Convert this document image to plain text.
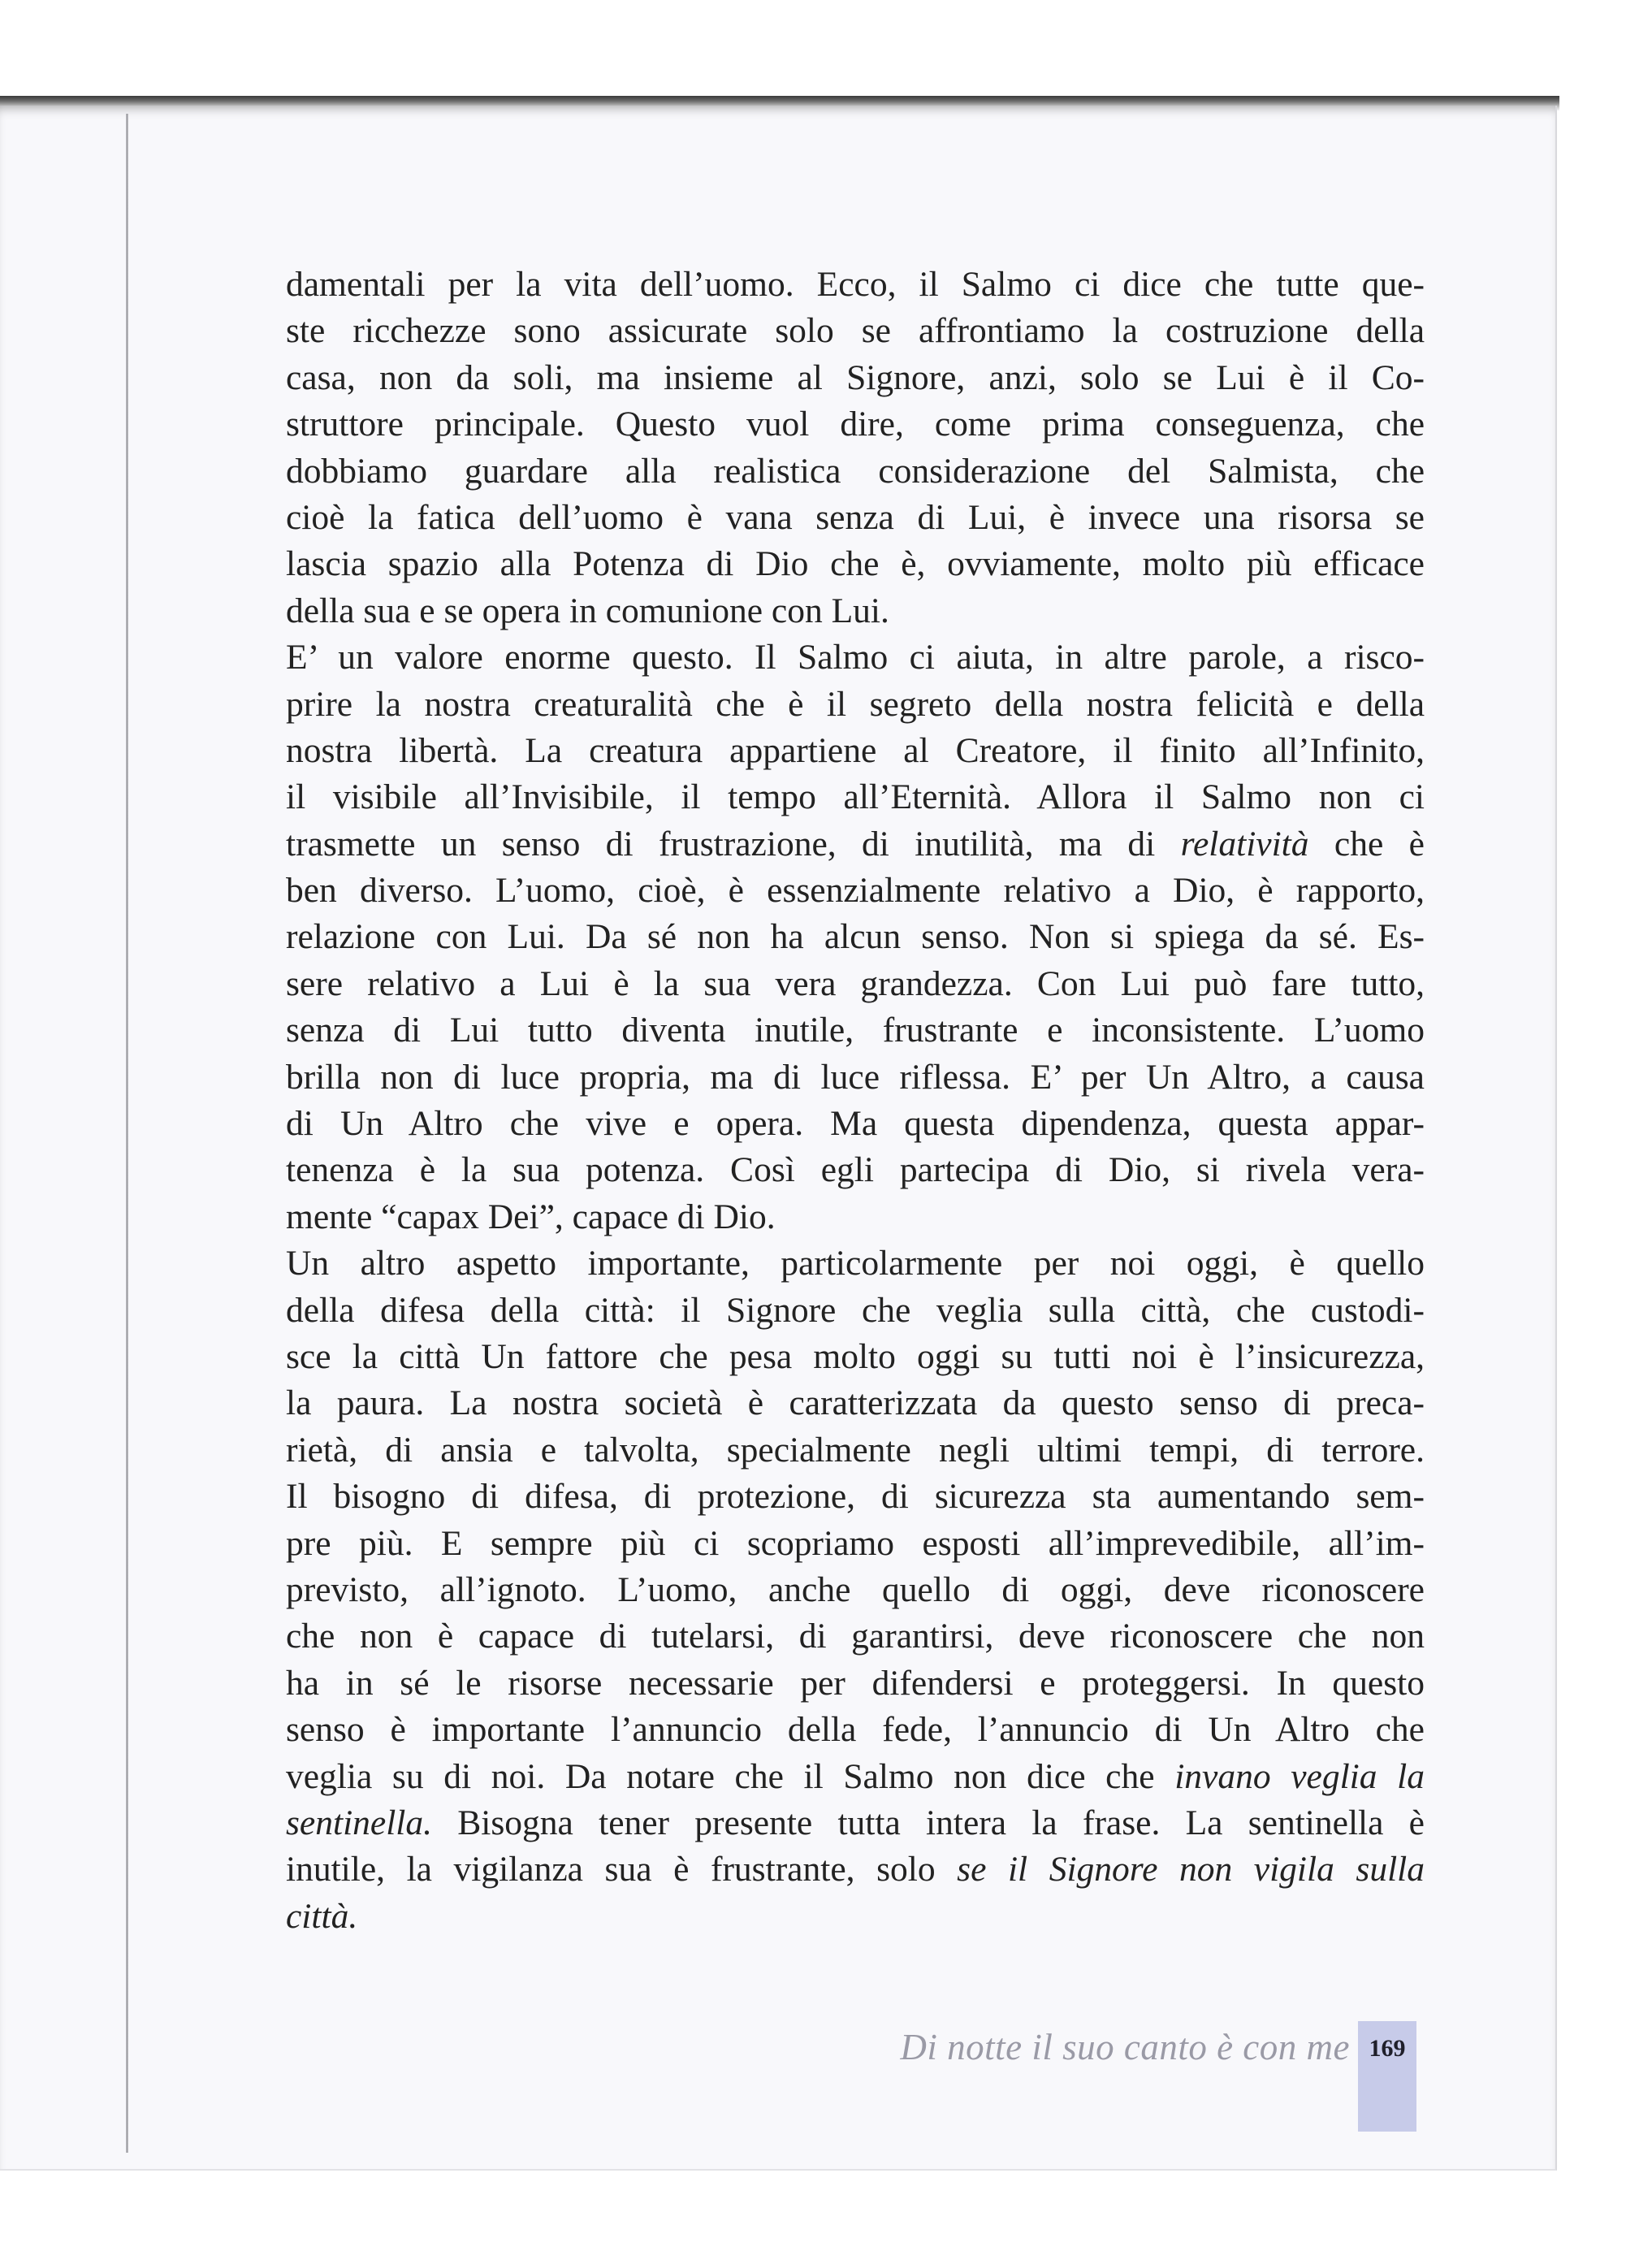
damentali per la vita dell’uomo. Ecco, il Salmo ci dice che tutte que-
ste ricchezze sono assicurate solo se affrontiamo la costruzione della
casa, non da soli, ma insieme al Signore, anzi, solo se Lui è il Co-
struttore principale. Questo vuol dire, come prima conseguenza, che
dobbiamo guardare alla realistica considerazione del Salmista, che
cioè la fatica dell’uomo è vana senza di Lui, è invece una risorsa se
lascia spazio alla Potenza di Dio che è, ovviamente, molto più efficace
della sua e se opera in comunione con Lui.
E’ un valore enorme questo. Il Salmo ci aiuta, in altre parole, a risco-
prire la nostra creaturalità che è il segreto della nostra felicità e della
nostra libertà. La creatura appartiene al Creatore, il finito all’Infinito,
il visibile all’Invisibile, il tempo all’Eternità. Allora il Salmo non ci
trasmette un senso di frustrazione, di inutilità, ma di relatività che è
ben diverso. L’uomo, cioè, è essenzialmente relativo a Dio, è rapporto,
relazione con Lui. Da sé non ha alcun senso. Non si spiega da sé. Es-
sere relativo a Lui è la sua vera grandezza. Con Lui può fare tutto,
senza di Lui tutto diventa inutile, frustrante e inconsistente. L’uomo
brilla non di luce propria, ma di luce riflessa. E’ per Un Altro, a causa
di Un Altro che vive e opera. Ma questa dipendenza, questa appar-
tenenza è la sua potenza. Così egli partecipa di Dio, si rivela vera-
mente “capax Dei”, capace di Dio.
Un altro aspetto importante, particolarmente per noi oggi, è quello
della difesa della città: il Signore che veglia sulla città, che custodi-
sce la città Un fattore che pesa molto oggi su tutti noi è l’insicurezza,
la paura. La nostra società è caratterizzata da questo senso di preca-
rietà, di ansia e talvolta, specialmente negli ultimi tempi, di terrore.
Il bisogno di difesa, di protezione, di sicurezza sta aumentando sem-
pre più. E sempre più ci scopriamo esposti all’imprevedibile, all’im-
previsto, all’ignoto. L’uomo, anche quello di oggi, deve riconoscere
che non è capace di tutelarsi, di garantirsi, deve riconoscere che non
ha in sé le risorse necessarie per difendersi e proteggersi. In questo
senso è importante l’annuncio della fede, l’annuncio di Un Altro che
veglia su di noi. Da notare che il Salmo non dice che invano veglia la
sentinella. Bisogna tener presente tutta intera la frase. La sentinella è
inutile, la vigilanza sua è frustrante, solo se il Signore non vigila sulla
città.
Di notte il suo canto è con me 169
